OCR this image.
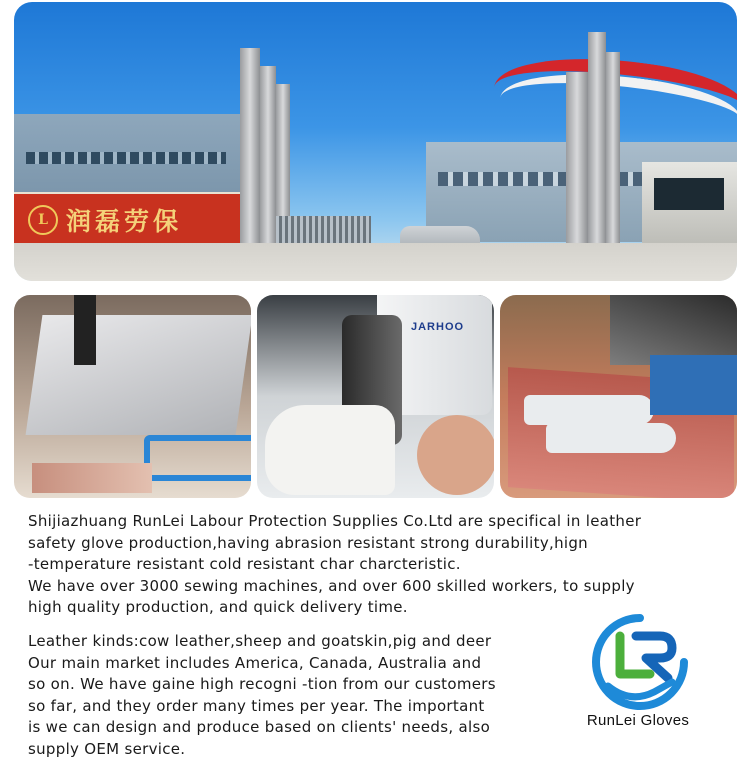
L 润磊劳保
JARHOO

Shijiazhuang RunLei Labour Protection Supplies Co.Ltd are specifical in leather
safety glove production,having abrasion resistant strong durability,hign
-temperature resistant cold resistant char charcteristic.
We have over 3000 sewing machines, and over 600 skilled workers, to supply
high quality production, and quick delivery time.

Leather kinds:cow leather,sheep and goatskin,pig and deer
Our main market includes America, Canada, Australia and
so on. We have gaine high recogni -tion from our customers
so far, and they order many times per year. The important
is we can design and produce based on clients' needs, also
supply OEM service.

RunLei Gloves
